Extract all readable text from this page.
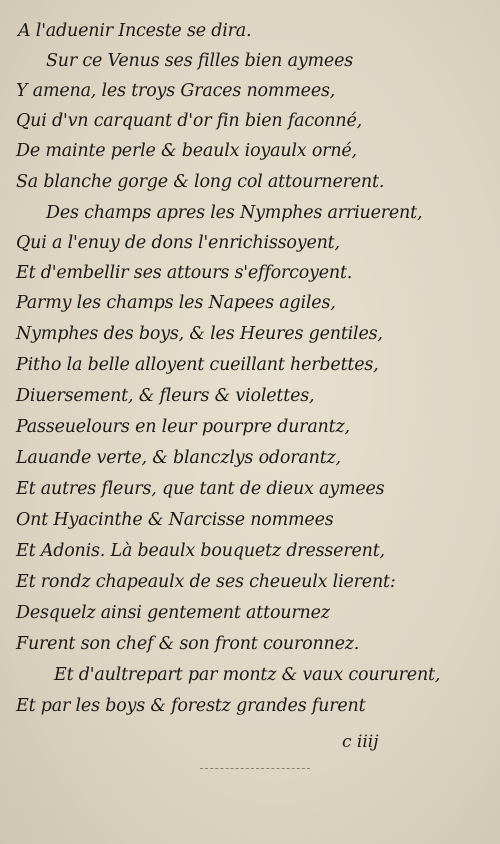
A l'aduenir Inceste se dira.
Sur ce Venus ses filles bien aymees
Y amena, les troys Graces nommees,
Qui d'vn carquant d'or fin bien faconné,
De mainte perle & beaulx ioyaulx orné,
Sa blanche gorge & long col attournerent.
Des champs apres les Nymphes arriuerent,
Qui a l'enuy de dons l'enrichissoyent,
Et d'embellir ses attours s'efforcoyent.
Parmy les champs les Napees agiles,
Nymphes des boys, & les Heures gentiles,
Pitho la belle alloyent cueillant herbettes,
Diuersement, & fleurs & violettes,
Passeuelours en leur pourpre durantz,
Lauande verte, & blanczlys odorantz,
Et autres fleurs, que tant de dieux aymees
Ont Hyacinthe & Narcisse nommees
Et Adonis. Là beaulx bouquetz dresserent,
Et rondz chapeaulx de ses cheueulx lierent:
Desquelz ainsi gentement attournez
Furent son chef & son front couronnez.
Et d'aultrepart par montz & vaux coururent,
Et par les boys & forestz grandes furent
c iiij
